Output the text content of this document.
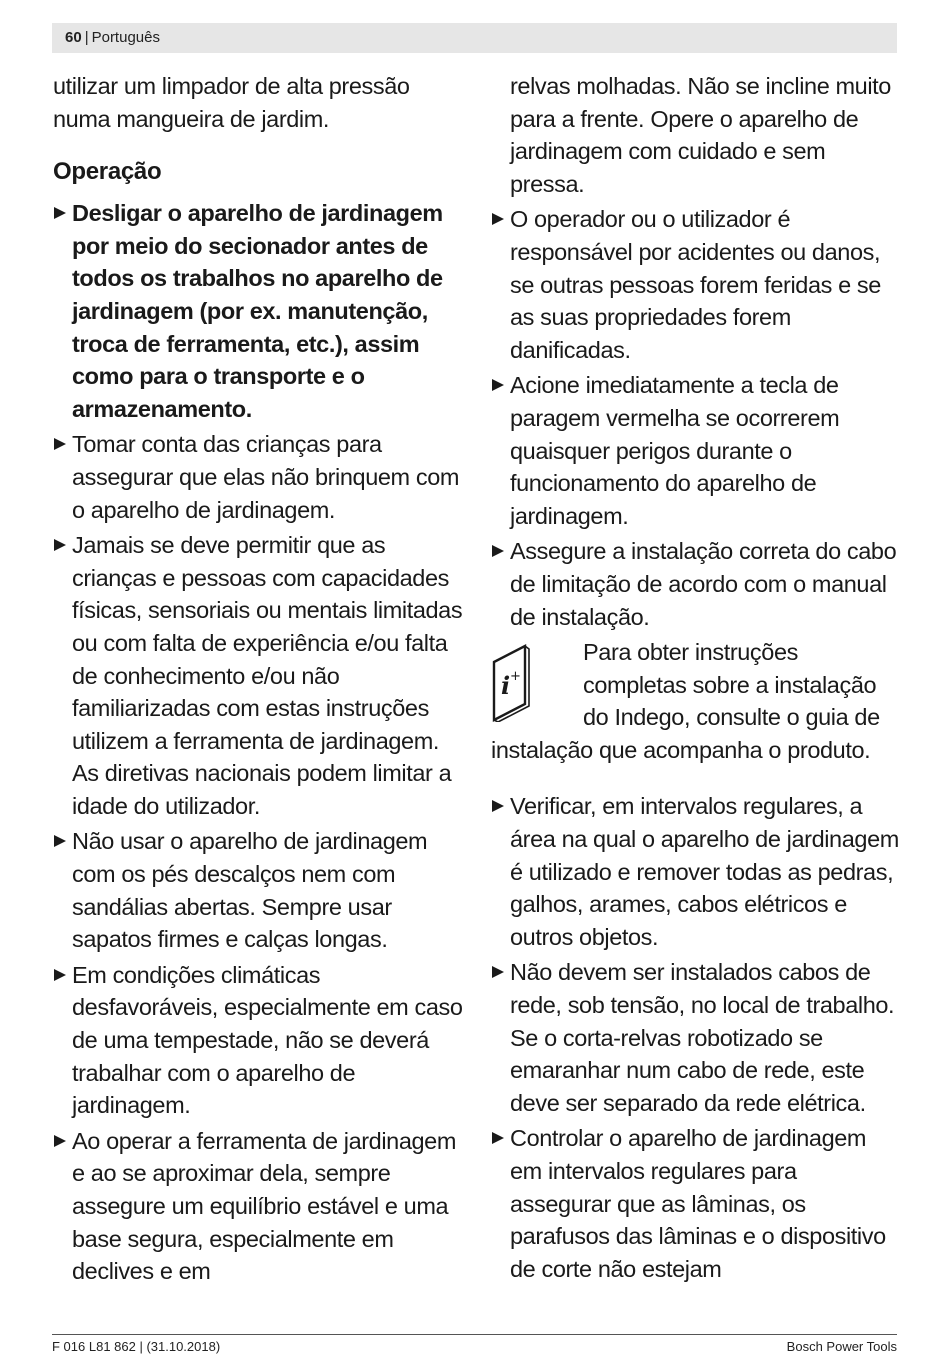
60 | Português
utilizar um limpador de alta pressão
numa mangueira de jardim.
Operação
Desligar o aparelho de jardinagem por meio do secionador antes de todos os trabalhos no aparelho de jardinagem (por ex. manutenção, troca de ferramenta, etc.), assim como para o transporte e o armazenamento.
Tomar conta das crianças para assegurar que elas não brinquem com o aparelho de jardinagem.
Jamais se deve permitir que as crianças e pessoas com capacidades físicas, sensoriais ou mentais limitadas ou com falta de experiência e/ou falta de conhecimento e/ou não familiarizadas com estas instruções utilizem a ferramenta de jardinagem. As diretivas nacionais podem limitar a idade do utilizador.
Não usar o aparelho de jardinagem com os pés descalços nem com sandálias abertas. Sempre usar sapatos firmes e calças longas.
Em condições climáticas desfavoráveis, especialmente em caso de uma tempestade, não se deverá trabalhar com o aparelho de jardinagem.
Ao operar a ferramenta de jardinagem e ao se aproximar dela, sempre assegure um equilíbrio estável e uma base segura, especialmente em declives e em
relvas molhadas. Não se incline muito para a frente. Opere o aparelho de jardinagem com cuidado e sem pressa.
O operador ou o utilizador é responsável por acidentes ou danos, se outras pessoas forem feridas e se as suas propriedades forem danificadas.
Acione imediatamente a tecla de paragem vermelha se ocorrerem quaisquer perigos durante o funcionamento do aparelho de jardinagem.
Assegure a instalação correta do cabo de limitação de acordo com o manual de instalação.
i +
Para obter instruções
completas sobre a instalação
do Indego, consulte o guia de
instalação que acompanha o produto.
Verificar, em intervalos regulares, a área na qual o aparelho de jardinagem é utilizado e remover todas as pedras, galhos, arames, cabos elétricos e outros objetos.
Não devem ser instalados cabos de rede, sob tensão, no local de trabalho. Se o corta-relvas robotizado se emaranhar num cabo de rede, este deve ser separado da rede elétrica.
Controlar o aparelho de jardinagem em intervalos regulares para assegurar que as lâminas, os parafusos das lâminas e o dispositivo de corte não estejam
F 016 L81 862 | (31.10.2018)	Bosch Power Tools
